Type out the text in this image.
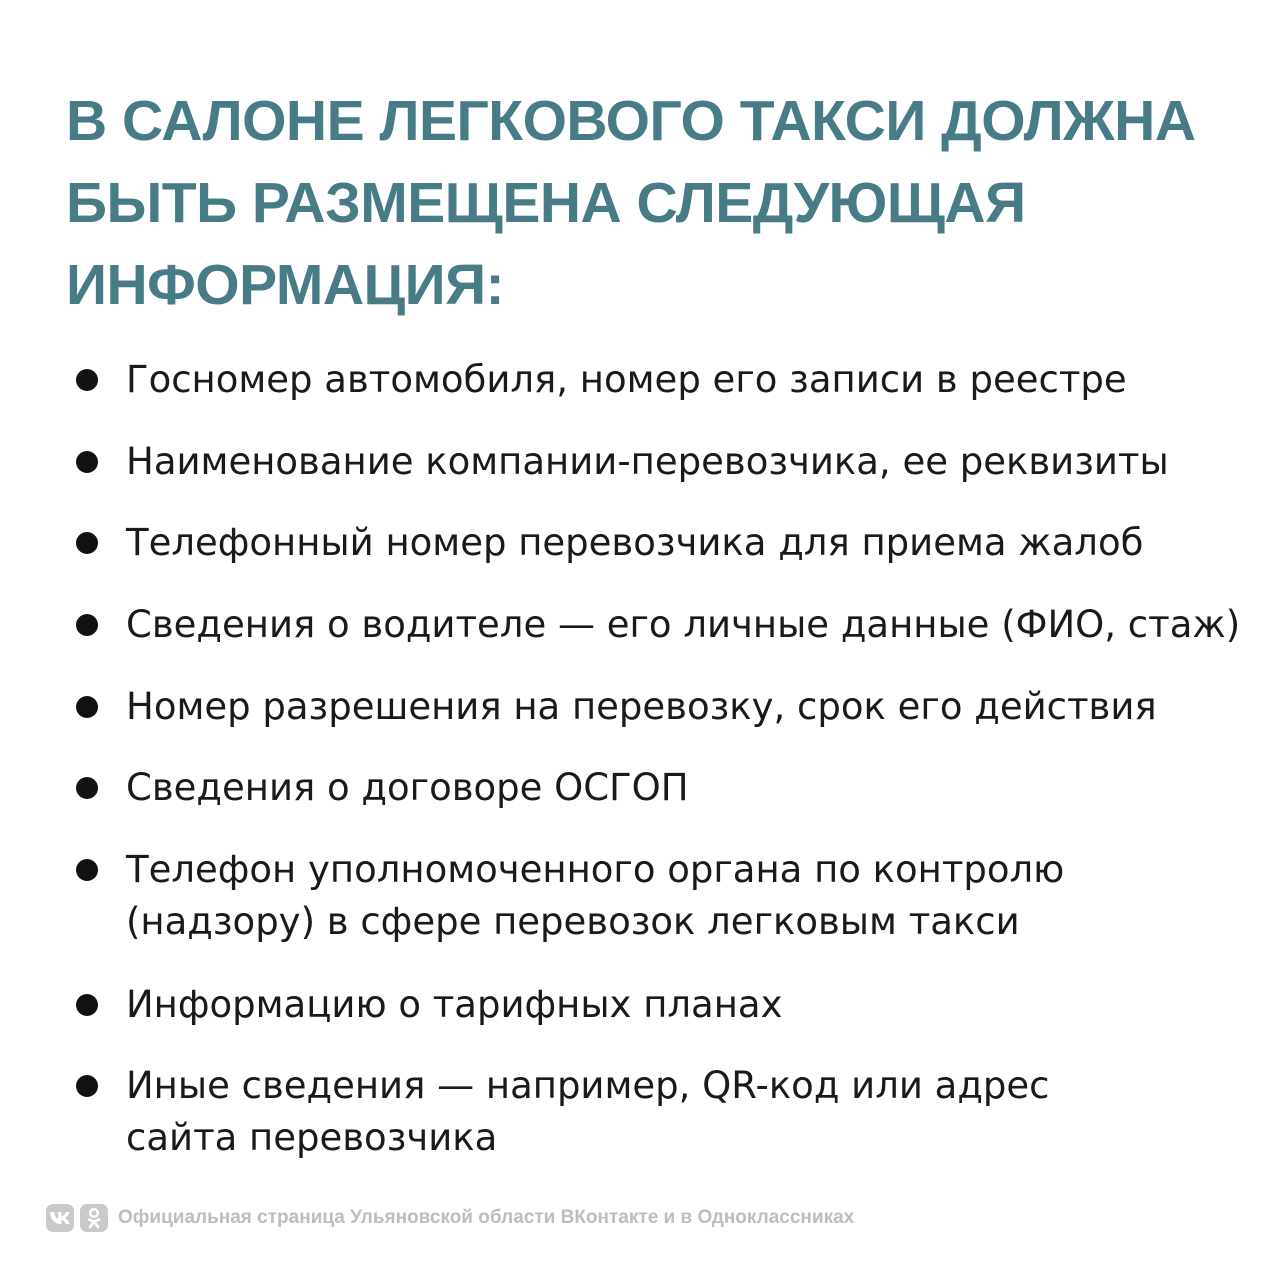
В САЛОНЕ ЛЕГКОВОГО ТАКСИ ДОЛЖНА
БЫТЬ РАЗМЕЩЕНА СЛЕДУЮЩАЯ
ИНФОРМАЦИЯ:
Госномер автомобиля, номер его записи в реестре
Наименование компании-перевозчика, ее реквизиты
Телефонный номер перевозчика для приема жалоб
Сведения о водителе — его личные данные (ФИО, стаж)
Номер разрешения на перевозку, срок его действия
Сведения о договоре ОСГОП
Телефон уполномоченного органа по контролю
(надзору) в сфере перевозок легковым такси
Информацию о тарифных планах
Иные сведения — например, QR-код или адрес
сайта перевозчика
Официальная страница Ульяновской области ВКонтакте и в Одноклассниках
